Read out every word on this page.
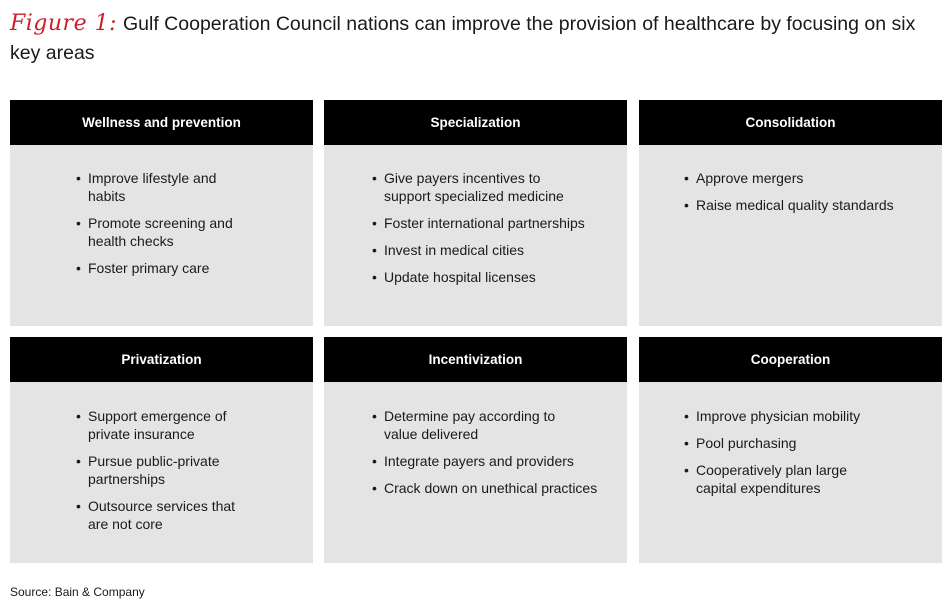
Figure 1: Gulf Cooperation Council nations can improve the provision of healthcare by focusing on six key areas
Wellness and prevention
• Improve lifestyle and habits
• Promote screening and health checks
• Foster primary care
Specialization
• Give payers incentives to support specialized medicine
• Foster international partnerships
• Invest in medical cities
• Update hospital licenses
Consolidation
• Approve mergers
• Raise medical quality standards
Privatization
• Support emergence of private insurance
• Pursue public-private partnerships
• Outsource services that are not core
Incentivization
• Determine pay according to value delivered
• Integrate payers and providers
• Crack down on unethical practices
Cooperation
• Improve physician mobility
• Pool purchasing
• Cooperatively plan large capital expenditures
Source: Bain & Company
